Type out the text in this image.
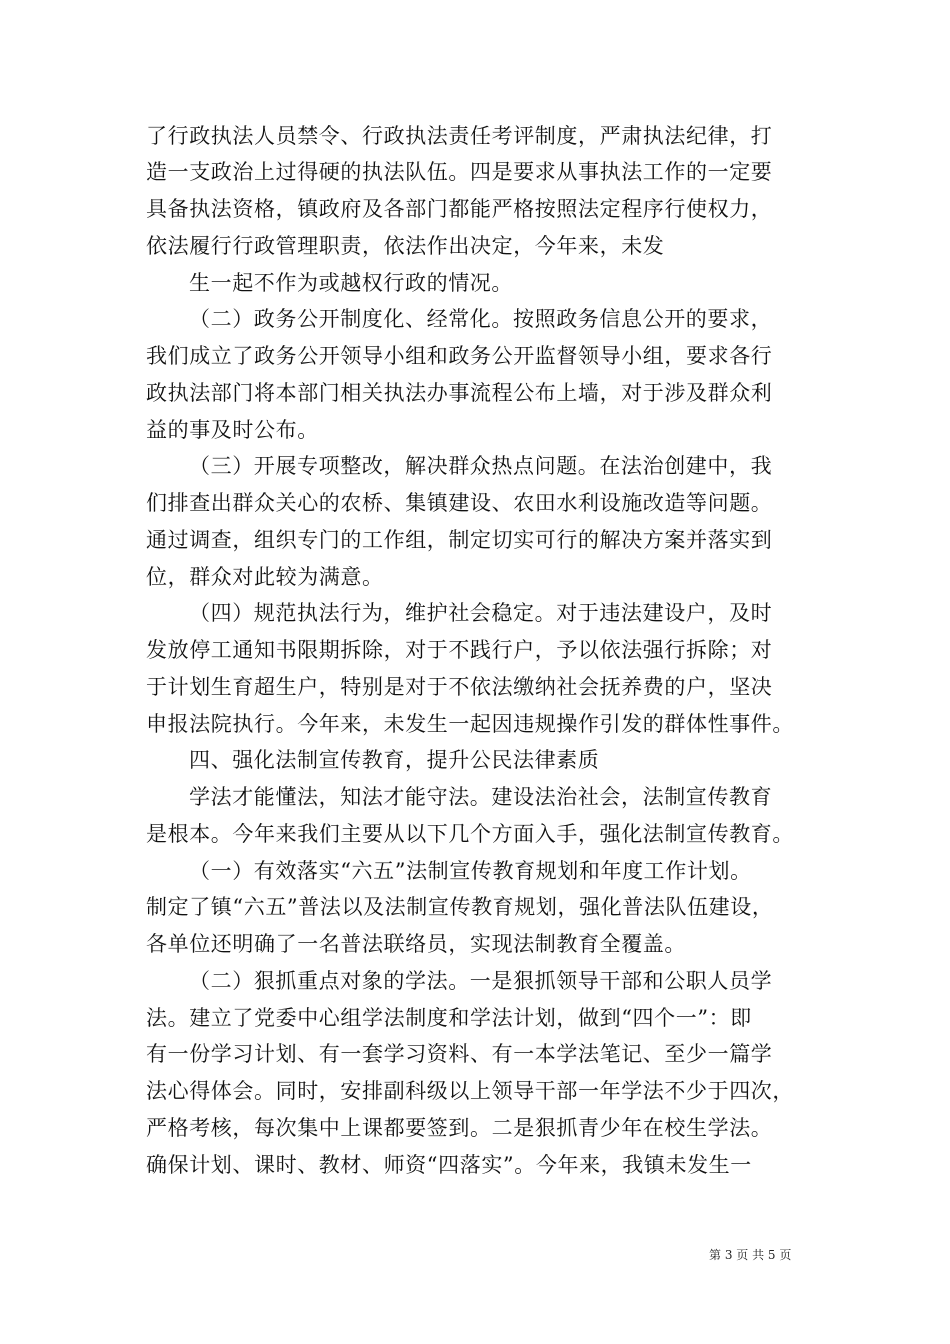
了行政执法人员禁令、行政执法责任考评制度，严肃执法纪律，打
造一支政治上过得硬的执法队伍。四是要求从事执法工作的一定要
具备执法资格，镇政府及各部门都能严格按照法定程序行使权力，
依法履行行政管理职责，依法作出决定，今年来，未发
生一起不作为或越权行政的情况。
（二）政务公开制度化、经常化。按照政务信息公开的要求，
我们成立了政务公开领导小组和政务公开监督领导小组，要求各行
政执法部门将本部门相关执法办事流程公布上墙，对于涉及群众利
益的事及时公布。
（三）开展专项整改，解决群众热点问题。在法治创建中，我
们排查出群众关心的农桥、集镇建设、农田水利设施改造等问题。
通过调查，组织专门的工作组，制定切实可行的解决方案并落实到
位，群众对此较为满意。
（四）规范执法行为，维护社会稳定。对于违法建设户，及时
发放停工通知书限期拆除，对于不践行户，予以依法强行拆除；对
于计划生育超生户，特别是对于不依法缴纳社会抚养费的户，坚决
申报法院执行。今年来，未发生一起因违规操作引发的群体性事件。
四、强化法制宣传教育，提升公民法律素质
学法才能懂法，知法才能守法。建设法治社会，法制宣传教育
是根本。今年来我们主要从以下几个方面入手，强化法制宣传教育。
（一）有效落实“六五”法制宣传教育规划和年度工作计划。
制定了镇“六五”普法以及法制宣传教育规划，强化普法队伍建设，
各单位还明确了一名普法联络员，实现法制教育全覆盖。
（二）狠抓重点对象的学法。一是狠抓领导干部和公职人员学
法。建立了党委中心组学法制度和学法计划，做到“四个一”：即
有一份学习计划、有一套学习资料、有一本学法笔记、至少一篇学
法心得体会。同时，安排副科级以上领导干部一年学法不少于四次，
严格考核，每次集中上课都要签到。二是狠抓青少年在校生学法。
确保计划、课时、教材、师资“四落实”。今年来，我镇未发生一
第 3 页 共 5 页
